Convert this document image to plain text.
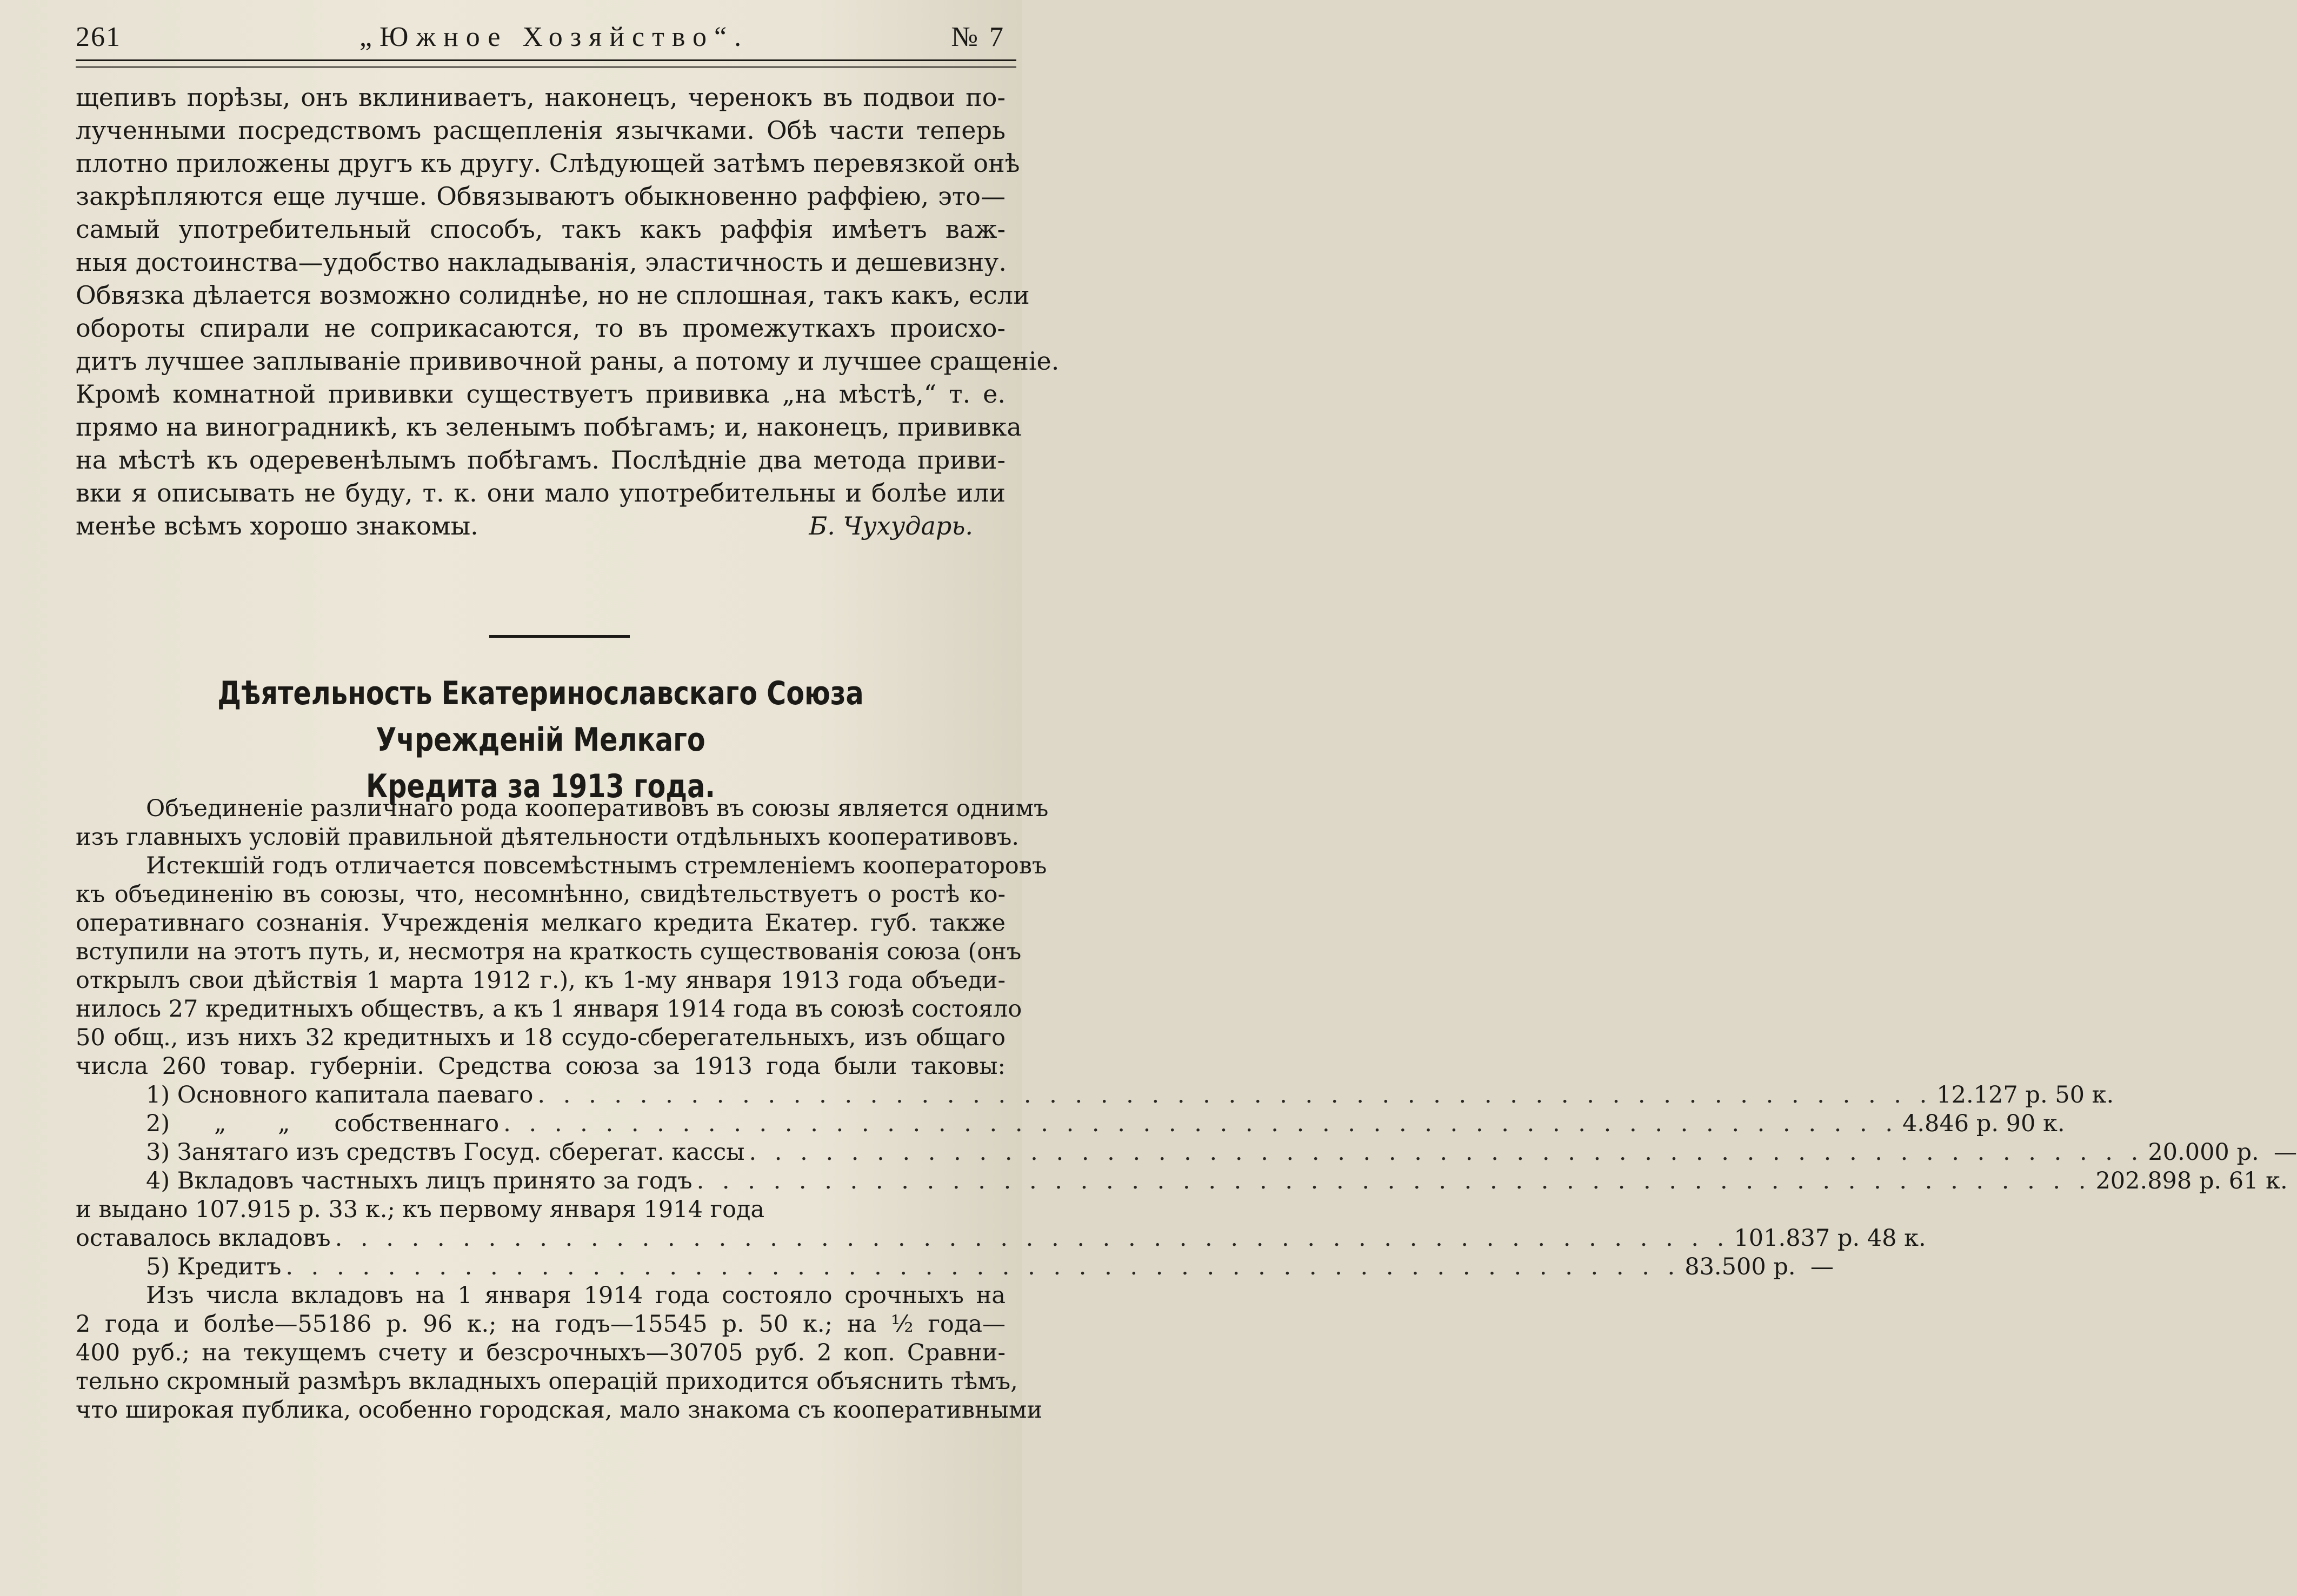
261	„Южное Хозяйство“.	№ 7
щепивъ порѣзы, онъ вклиниваетъ, наконецъ, черенокъ въ подвои по-
лученными посредствомъ расщепленія язычками. Обѣ части теперь
плотно приложены другъ къ другу. Слѣдующей затѣмъ перевязкой онѣ
закрѣпляются еще лучше. Обвязываютъ обыкновенно раффіею, это—
самый употребительный способъ, такъ какъ раффія имѣетъ важ-
ныя достоинства—удобство накладыванія, эластичность и дешевизну.
Обвязка дѣлается возможно солиднѣе, но не сплошная, такъ какъ, если
обороты спирали не соприкасаются, то въ промежуткахъ происхо-
дитъ лучшее заплываніе прививочной раны, а потому и лучшее сращеніе.
Кромѣ комнатной прививки существуетъ прививка „на мѣстѣ,“ т. е.
прямо на виноградникѣ, къ зеленымъ побѣгамъ; и, наконецъ, прививка
на мѣстѣ къ одеревенѣлымъ побѣгамъ. Послѣдніе два метода приви-
вки я описывать не буду, т. к. они мало употребительны и болѣе или
менѣе всѣмъ хорошо знакомы.	Б. Чухударь.
Дѣятельность Екатеринославскаго Союза Учрежденій Мелкаго
Кредита за 1913 года.
Объединеніе различнаго рода кооперативовъ въ союзы является однимъ
изъ главныхъ условій правильной дѣятельности отдѣльныхъ кооперативовъ.
Истекшій годъ отличается повсемѣстнымъ стремленіемъ кооператоровъ
къ объединенію въ союзы, что, несомнѣнно, свидѣтельствуетъ о ростѣ ко-
оперативнаго сознанія. Учрежденія мелкаго кредита Екатер. губ. также
вступили на этотъ путь, и, несмотря на краткость существованія союза (онъ
открылъ свои дѣйствія 1 марта 1912 г.), къ 1-му января 1913 года объеди-
нилось 27 кредитныхъ обществъ, а къ 1 января 1914 года въ союзѣ состояло
50 общ., изъ нихъ 32 кредитныхъ и 18 ссудо-сберегательныхъ, изъ общаго
числа 260 товар. губерніи. Средства союза за 1913 года были таковы:
1) Основного капитала паеваго . . . . . . . . . . . . . . . . . . . . . . . . . . . . . . . . . . . . . . . . . . . . . . . . . . . . . . . 12.127 р. 50 к.
2)      „       „      собственнаго . . . . . . . . . . . . . . . . . . . . . . . . . . . . . . . . . . . . . . . . . . . . . . . . . . . . . . . 4.846 р. 90 к.
3) Занятаго изъ средствъ Госуд. сберегат. кассы . . . . . . . . . . . . . . . . . . . . . . . . . . . . . . . . . . . . . . . . . . . . . . . . . . . . . . . 20.000 р.  —
4) Вкладовъ частныхъ лицъ принято за годъ . . . . . . . . . . . . . . . . . . . . . . . . . . . . . . . . . . . . . . . . . . . . . . . . . . . . . . . 202.898 р. 61 к.
и выдано 107.915 р. 33 к.; къ первому января 1914 года
оставалось вкладовъ . . . . . . . . . . . . . . . . . . . . . . . . . . . . . . . . . . . . . . . . . . . . . . . . . . . . . . . 101.837 р. 48 к.
5) Кредитъ . . . . . . . . . . . . . . . . . . . . . . . . . . . . . . . . . . . . . . . . . . . . . . . . . . . . . . . 83.500 р.  —
Изъ числа вкладовъ на 1 января 1914 года состояло срочныхъ на
2 года и болѣе—55186 р. 96 к.; на годъ—15545 р. 50 к.; на ½ года—
400 руб.; на текущемъ счету и безсрочныхъ—30705 руб. 2 коп. Сравни-
тельно скромный размѣръ вкладныхъ операцій приходится объяснить тѣмъ,
что широкая публика, особенно городская, мало знакома съ кооперативными
